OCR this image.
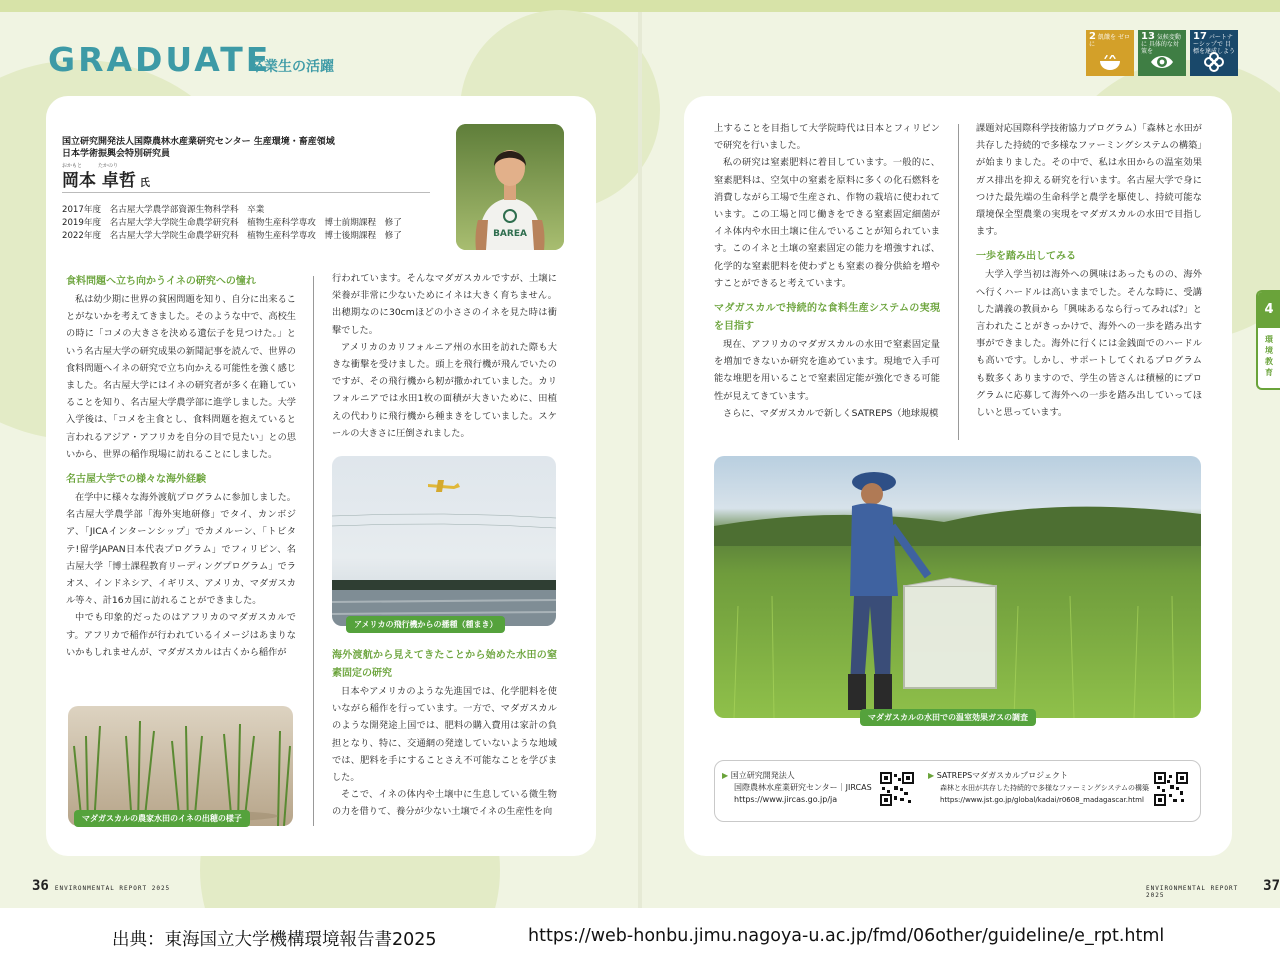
GRADUATE
卒業生の活躍
2 飢餓を ゼロに
13 気候変動に 具体的な対策を
17 パートナーシップで 目標を達成しよう
国立研究開発法人国際農林水産業研究センター 生産環境・畜産領域
日本学術振興会特別研究員
おかもと	たかのり
岡本 卓哲 氏
2017年度　名古屋大学農学部資源生物科学科　卒業
2019年度　名古屋大学大学院生命農学研究科　植物生産科学専攻　博士前期課程　修了
2022年度　名古屋大学大学院生命農学研究科　植物生産科学専攻　博士後期課程　修了	BAREA
食料問題へ立ち向かうイネの研究への憧れ

私は幼少期に世界の貧困問題を知り、自分に出来ることがないかを考えてきました。そのような中で、高校生の時に「コメの大きさを決める遺伝子を見つけた。」という名古屋大学の研究成果の新聞記事を読んで、世界の食料問題へイネの研究で立ち向かえる可能性を強く感じました。名古屋大学にはイネの研究者が多く在籍していることを知り、名古屋大学農学部に進学しました。大学入学後は、「コメを主食とし、食料問題を抱えていると言われるアジア・アフリカを自分の目で見たい」との思いから、世界の稲作現場に訪れることにしました。

名古屋大学での様々な海外経験

在学中に様々な海外渡航プログラムに参加しました。名古屋大学農学部「海外実地研修」でタイ、カンボジア、「JICAインターンシップ」でカメルーン、「トビタテ!留学JAPAN日本代表プログラム」でフィリピン、名古屋大学「博士課程教育リーディングプログラム」でラオス、インドネシア、イギリス、アメリカ、マダガスカル等々、計16カ国に訪れることができました。

中でも印象的だったのはアフリカのマダガスカルです。アフリカで稲作が行われているイメージはあまりないかもしれませんが、マダガスカルは古くから稲作が

マダガスカルの農家水田のイネの出穂の様子

行われています。そんなマダガスカルですが、土壌に栄養が非常に少ないためにイネは大きく育ちません。出穂期なのに30cmほどの小ささのイネを見た時は衝撃でした。

アメリカのカリフォルニア州の水田を訪れた際も大きな衝撃を受けました。頭上を飛行機が飛んでいたのですが、その飛行機から籾が撒かれていました。カリフォルニアでは水田1枚の面積が大きいために、田植えの代わりに飛行機から種まきをしていました。スケールの大きさに圧倒されました。

アメリカの飛行機からの播種（種まき）
海外渡航から見えてきたことから始めた水田の窒素固定の研究

日本やアメリカのような先進国では、化学肥料を使いながら稲作を行っています。一方で、マダガスカルのような開発途上国では、肥料の購入費用は家計の負担となり、特に、交通網の発達していないような地域では、肥料を手にすることさえ不可能なことを学びました。

そこで、イネの体内や土壌中に生息している微生物の力を借りて、養分が少ない土壌でイネの生産性を向

36 ENVIRONMENTAL REPORT 2025

上することを目指して大学院時代は日本とフィリピンで研究を行いました。

私の研究は窒素肥料に着目しています。一般的に、窒素肥料は、空気中の窒素を原料に多くの化石燃料を消費しながら工場で生産され、作物の栽培に使われています。この工場と同じ働きをできる窒素固定細菌がイネ体内や水田土壌に住んでいることが知られています。このイネと土壌の窒素固定の能力を増強すれば、化学的な窒素肥料を使わずとも窒素の養分供給を増やすことができると考えています。

マダガスカルで持続的な食料生産システムの実現を目指す

現在、アフリカのマダガスカルの水田で窒素固定量を増加できないか研究を進めています。現地で入手可能な堆肥を用いることで窒素固定能が強化できる可能性が見えてきています。

さらに、マダガスカルで新しくSATREPS（地球規模

課題対応国際科学技術協力プログラム）「森林と水田が共存した持続的で多様なファーミングシステムの構築」が始まりました。その中で、私は水田からの温室効果ガス排出を抑える研究を行います。名古屋大学で身につけた最先端の生命科学と農学を駆使し、持続可能な環境保全型農業の実現をマダガスカルの水田で目指します。

一歩を踏み出してみる

大学入学当初は海外への興味はあったものの、海外へ行くハードルは高いままでした。そんな時に、受講した講義の教員から「興味あるなら行ってみれば?」と言われたことがきっかけで、海外への一歩を踏み出す事ができました。海外に行くには金銭面でのハードルも高いです。しかし、サポートしてくれるプログラムも数多くありますので、学生の皆さんは積極的にプログラムに応募して海外への一歩を踏み出していってほしいと思っています。

マダガスカルの水田での温室効果ガスの調査
▶ 国立研究開発法人
国際農林水産業研究センター｜JIRCAS
https://www.jircas.go.jp/ja
▶ SATREPSマダガスカルプロジェクト
森林と水田が共存した持続的で多様なファーミングシステムの構築
https://www.jst.go.jp/global/kadai/r0608_madagascar.html
4
環境教育
ENVIRONMENTAL REPORT 2025
37
出典：東海国立大学機構環境報告書2025	https://web-honbu.jimu.nagoya-u.ac.jp/fmd/06other/guideline/e_rpt.html
